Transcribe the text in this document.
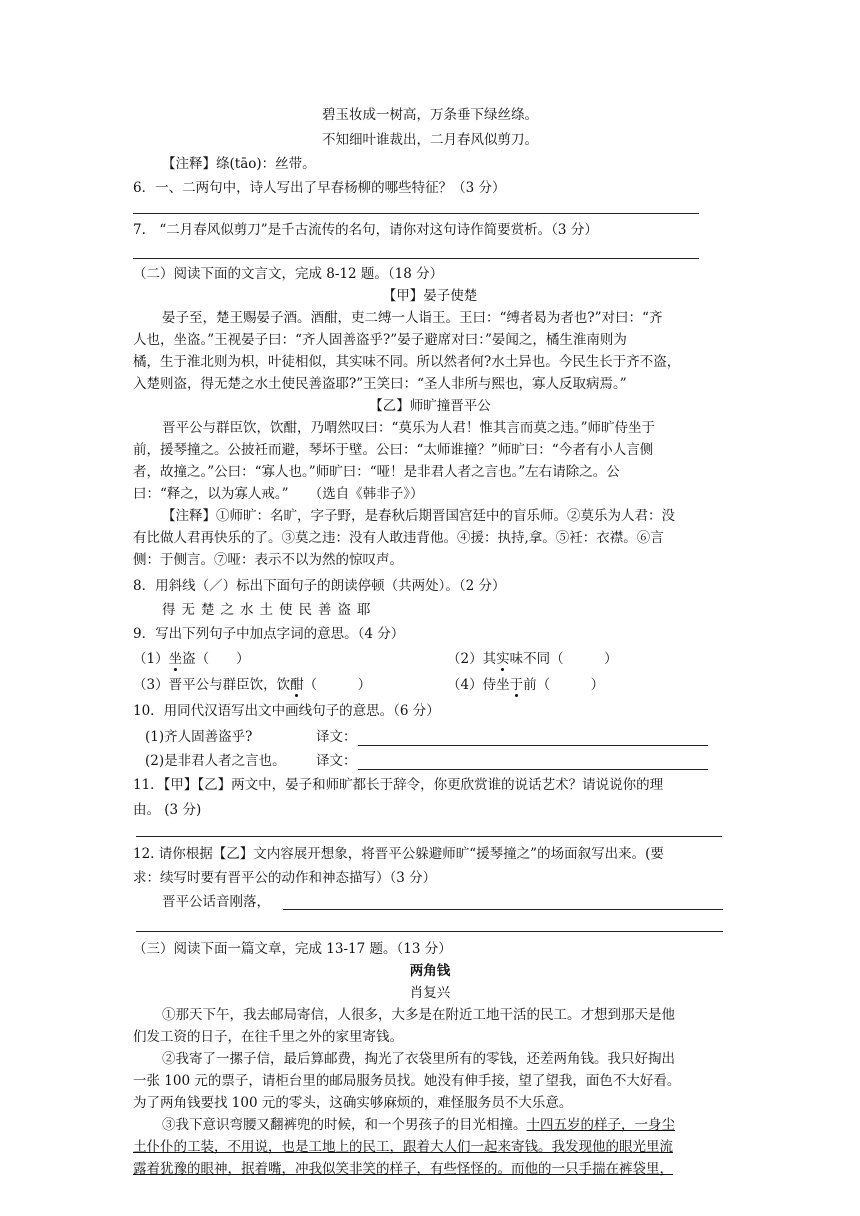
碧玉妆成一树高，万条垂下绿丝绦。
不知细叶谁裁出，二月春风似剪刀。
【注释】绦(tāo)：丝带。
6．一、二两句中，诗人写出了早春杨柳的哪些特征？（3 分）
7.　“二月春风似剪刀”是千古流传的名句，请你对这句诗作简要赏析。（3 分）
（二）阅读下面的文言文，完成 8-12 题。（18 分）
【甲】晏子使楚
晏子至，楚王赐晏子酒。酒酣，吏二缚一人诣王。王曰：“缚者曷为者也?”对曰：“齐
人也，坐盗。”王视晏子曰：“齐人固善盗乎?”晏子避席对曰：”晏闻之，橘生淮南则为
橘，生于淮北则为枳，叶徒相似，其实味不同。所以然者何?水土异也。今民生长于齐不盗，
入楚则盗，得无楚之水土使民善盗耶?”王笑曰：“圣人非所与熙也，寡人反取病焉。”
【乙】师旷撞晋平公
晋平公与群臣饮，饮酣，乃喟然叹曰：“莫乐为人君！惟其言而莫之违。”师旷侍坐于
前，援琴撞之。公披衽而避，琴坏于壁。公曰：“太师谁撞？”师旷曰：“今者有小人言侧
者，故撞之。”公曰：“寡人也。”师旷曰：“哑！是非君人者之言也。”左右请除之。公
曰：“释之，以为寡人戒。”　　（选自《韩非子》）
【注释】①师旷：名旷，字子野，是春秋后期晋国宫廷中的盲乐师。②莫乐为人君：没
有比做人君再快乐的了。③莫之违：没有人敢违背他。④援：执持,拿。⑤衽：衣襟。⑥言
侧：于侧言。⑦哑：表示不以为然的惊叹声。
8．用斜线（／）标出下面句子的朗读停顿（共两处）。（2 分）
得无楚之水土使民善盗耶
9．写出下列句子中加点字词的意思。（4 分）
（1）坐盗（　　）	（2）其实味不同（　　　）
（3）晋平公与群臣饮，饮酣（　　　）	（4）侍坐于前（　　　）
10．用同代汉语写出文中画线句子的意思。（6 分）
(1)齐人固善盗乎?	译文：
(2)是非君人者之言也。 译文：
11．【甲】【乙】两文中，晏子和师旷都长于辞令，你更欣赏谁的说话艺术？请说说你的理
由。 (3 分)
12. 请你根据【乙】文内容展开想象，将晋平公躲避师旷“援琴撞之”的场面叙写出来。(要
求：续写时要有晋平公的动作和神态描写）（3 分）
晋平公话音刚落，
（三）阅读下面一篇文章，完成 13-17 题。（13 分）
两角钱
肖复兴
①那天下午，我去邮局寄信，人很多，大多是在附近工地干活的民工。才想到那天是他
们发工资的日子，在往千里之外的家里寄钱。
②我寄了一摞子信，最后算邮费，掏光了衣袋里所有的零钱，还差两角钱。我只好掏出
一张 100 元的票子，请柜台里的邮局服务员找。她没有伸手接，望了望我，面色不大好看。
为了两角钱要找 100 元的零头，这确实够麻烦的，难怪服务员不大乐意。
③我下意识弯腰又翻裤兜的时候，和一个男孩子的目光相撞。十四五岁的样子，一身尘
土仆仆的工装，不用说，也是工地上的民工，跟着大人们一起来寄钱。我发现他的眼光里流
露着犹豫的眼神，抿着嘴，冲我似笑非笑的样子，有些怪怪的。而他的一只手揣在裤袋里，
